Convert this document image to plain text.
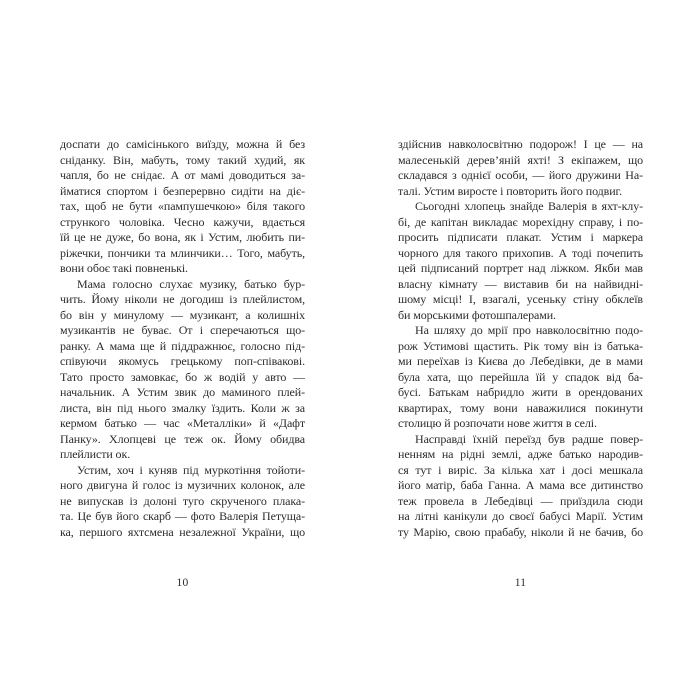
доспати до самісінького виїзду, можна й без
сніданку. Він, мабуть, тому такий худий, як
чапля, бо не снідає. А от мамі доводиться за-
йматися спортом і безперервно сидіти на діє-
тах, щоб не бути «пампушечкою» біля такого
стрункого чоловіка. Чесно кажучи, вдається
їй це не дуже, бо вона, як і Устим, любить пи-
ріжечки, пончики та млинчики… Того, мабуть,
вони обоє такі повненькі.
Мама голосно слухає музику, батько бур-
чить. Йому ніколи не догодиш із плейлистом,
бо він у минулому — музикант, а колишніх
музикантів не буває. От і сперечаються що-
ранку. А мама ще й піддражнює, голосно під-
співуючи якомусь грецькому поп-співакові.
Тато просто замовкає, бо ж водій у авто —
начальник. А Устим звик до маминого плей-
листа, він під нього змалку їздить. Коли ж за
кермом батько — час «Металліки» й «Дафт
Панку». Хлопцеві це теж ок. Йому обидва
плейлисти ок.
Устим, хоч і куняв під муркотіння тойоти-
ного двигуна й голос із музичних колонок, але
не випускав із долоні туго скрученого плака-
та. Це був його скарб — фото Валерія Петуща-
ка, першого яхтсмена незалежної України, що
10
здійснив навколосвітню подорож! І це — на
малесенькій дерев’яній яхті! З екіпажем, що
складався з однієї особи, — його дружини На-
талі. Устим виросте і повторить його подвиг.
Сьогодні хлопець знайде Валерія в яхт-клу-
бі, де капітан викладає морехідну справу, і по-
просить підписати плакат. Устим і маркера
чорного для такого прихопив. А тоді почепить
цей підписаний портрет над ліжком. Якби мав
власну кімнату — виставив би на найвидні-
шому місці! І, взагалі, усеньку стіну обклеїв
би морськими фотошпалерами.
На шляху до мрії про навколосвітню подо-
рож Устимові щастить. Рік тому він із батька-
ми переїхав із Києва до Лебедівки, де в мами
була хата, що перейшла їй у спадок від ба-
бусі. Батькам набридло жити в орендованих
квартирах, тому вони наважилися покинути
столицю й розпочати нове життя в селі.
Насправді їхній переїзд був радше повер-
ненням на рідні землі, адже батько народив-
ся тут і виріс. За кілька хат і досі мешкала
його матір, баба Ганна. А мама все дитинство
теж провела в Лебедівці — приїздила сюди
на літні канікули до своєї бабусі Марії. Устим
ту Марію, свою прабабу, ніколи й не бачив, бо
11
